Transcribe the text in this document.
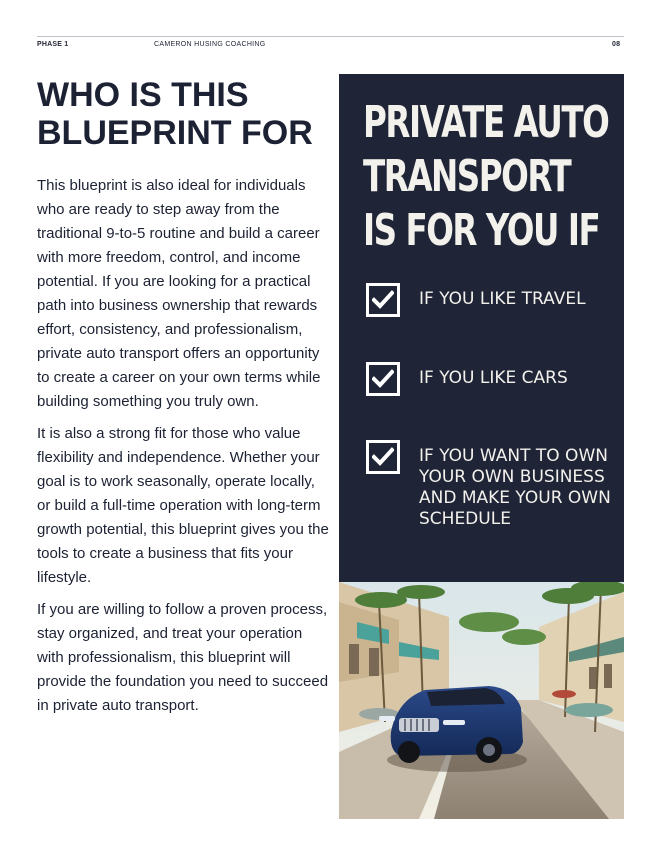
PHASE 1	CAMERON HUSING COACHING	08
WHO IS THIS
BLUEPRINT FOR

This blueprint is also ideal for individuals who are ready to step away from the traditional 9-to-5 routine and build a career with more freedom, control, and income potential. If you are looking for a practical path into business ownership that rewards effort, consistency, and professionalism, private auto transport offers an opportunity to create a career on your own terms while building something you truly own.

It is also a strong fit for those who value flexibility and independence. Whether your goal is to work seasonally, operate locally, or build a full-time operation with long-term growth potential, this blueprint gives you the tools to create a business that fits your lifestyle.

If you are willing to follow a proven process, stay organized, and treat your operation with professionalism, this blueprint will provide the foundation you need to succeed in private auto transport.

PRIVATE AUTO
TRANSPORT
IS FOR YOU IF
IF YOU LIKE TRAVEL
IF YOU LIKE CARS
IF YOU WANT TO OWN
YOUR OWN BUSINESS
AND MAKE YOUR OWN
SCHEDULE
